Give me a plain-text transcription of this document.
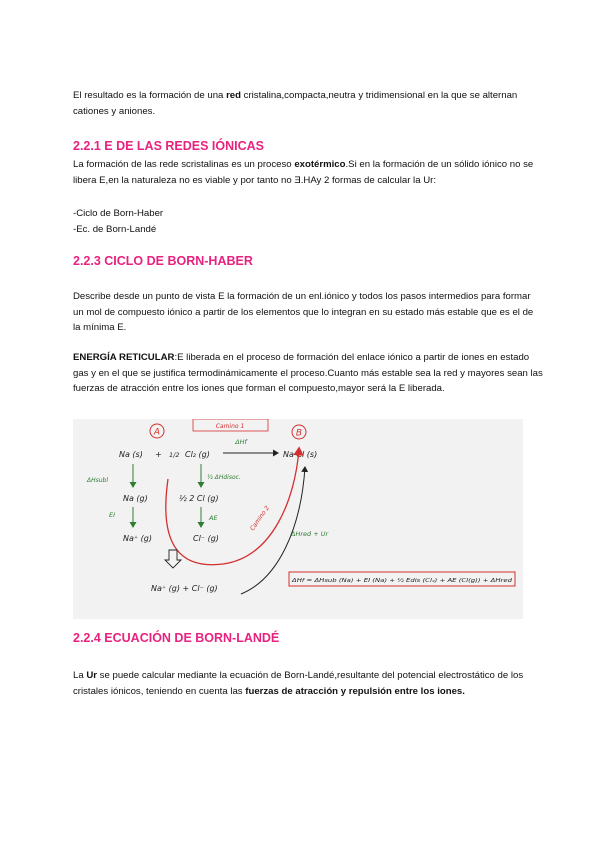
El resultado es la formación de una red cristalina,compacta,neutra y tridimensional en la que se alternan cationes y aniones.

2.2.1 E DE LAS REDES IÓNICAS

La formación de las rede scristalinas es un proceso exotérmico.Si en la formación de un sólido iónico no se libera E,en la naturaleza no es viable y por tanto no Ǝ.HAy 2 formas de calcular la Ur:

-Ciclo de Born-Haber

-Ec. de Born-Landé

2.2.3 CICLO DE BORN-HABER

Describe desde un punto de vista E la formación de un enl.iónico y todos los pasos intermedios para formar un mol de compuesto iónico a partir de los elementos que lo integran en su estado más estable que es el de la mínima E.

ENERGÍA RETICULAR:E liberada en el proceso de formación del enlace iónico a partir de iones en estado gas y en el que se justifica termodinámicamente el proceso.Cuanto más estable sea la red y mayores sean las fuerzas de atracción entre los iones que forman el compuesto,mayor será la E liberada.

A	B
Camino 1
ΔHf
Na (s) + 1/2 Cl₂ (g)	Na Cl (s)
ΔHsubl
Na (g)
EI
Na⁺ (g)
½ ΔHdisoc.
½ 2 Cl (g)
AE
Cl⁻ (g)
Camino 2
Na⁺ (g) + Cl⁻ (g)
ΔHred + Ur
ΔHf = ΔHsub (Na) + EI (Na) + ½ Edis (Cl₂) + AE (Cl(g)) + ΔHred
2.2.4 ECUACIÓN DE BORN-LANDÉ

La Ur se puede calcular mediante la ecuación de Born-Landé,resultante del potencial electrostático de los cristales iónicos, teniendo en cuenta las fuerzas de atracción y repulsión entre los iones.
